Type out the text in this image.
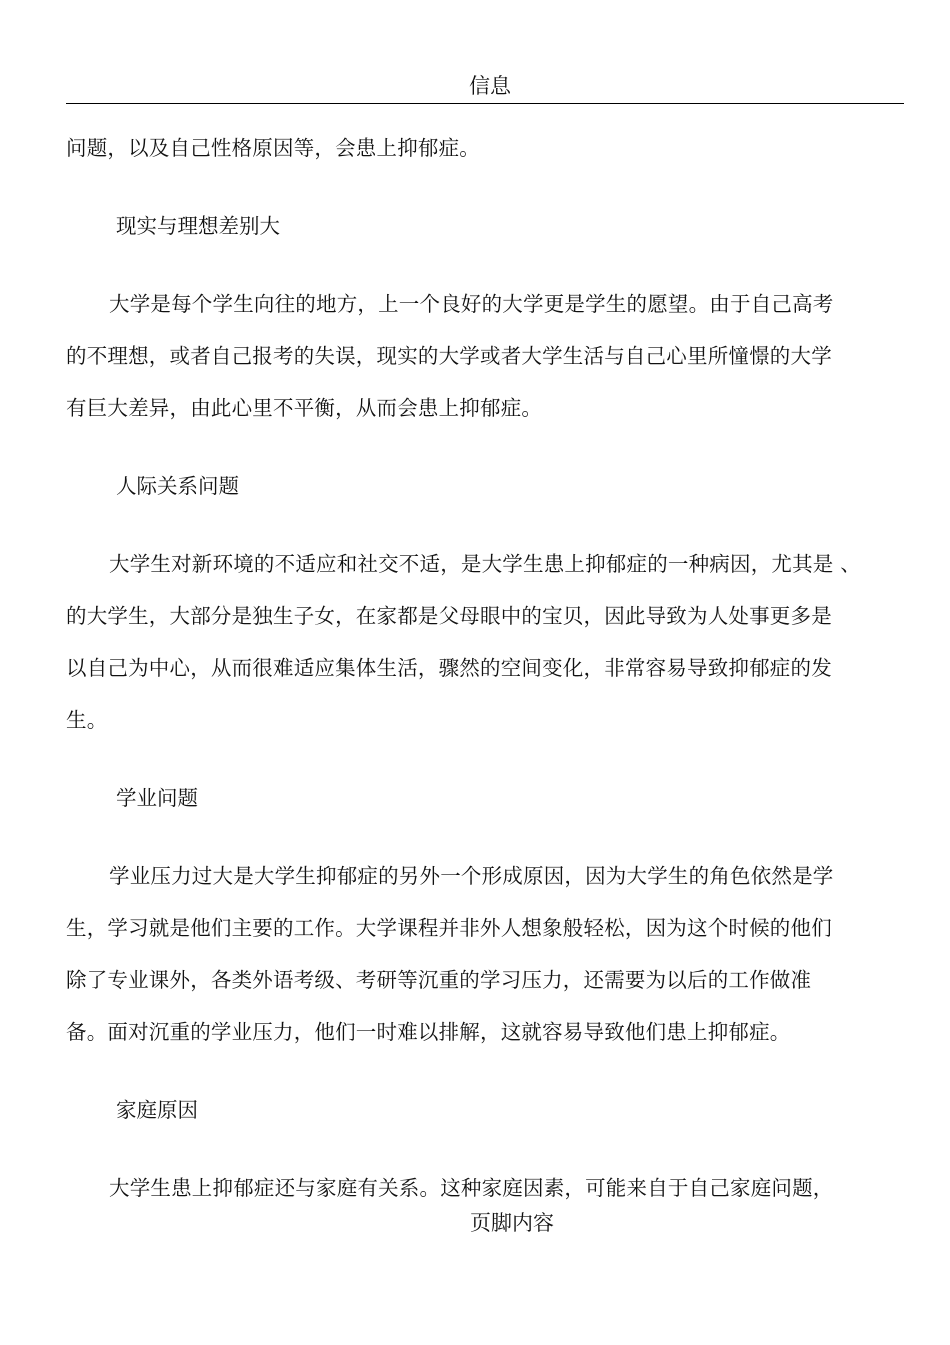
信息

问题，以及自己性格原因等，会患上抑郁症。

现实与理想差别大

大学是每个学生向往的地方，上一个良好的大学更是学生的愿望。由于自己高考的不理想，或者自己报考的失误，现实的大学或者大学生活与自己心里所憧憬的大学有巨大差异，由此心里不平衡，从而会患上抑郁症。

人际关系问题

大学生对新环境的不适应和社交不适，是大学生患上抑郁症的一种病因，尤其是 、　的大学生，大部分是独生子女，在家都是父母眼中的宝贝，因此导致为人处事更多是以自己为中心，从而很难适应集体生活，骤然的空间变化，非常容易导致抑郁症的发生。

学业问题

学业压力过大是大学生抑郁症的另外一个形成原因，因为大学生的角色依然是学生，学习就是他们主要的工作。大学课程并非外人想象般轻松，因为这个时候的他们除了专业课外，各类外语考级、考研等沉重的学习压力，还需要为以后的工作做准备。面对沉重的学业压力，他们一时难以排解，这就容易导致他们患上抑郁症。

家庭原因

大学生患上抑郁症还与家庭有关系。这种家庭因素，可能来自于自己家庭问题，

页脚内容
